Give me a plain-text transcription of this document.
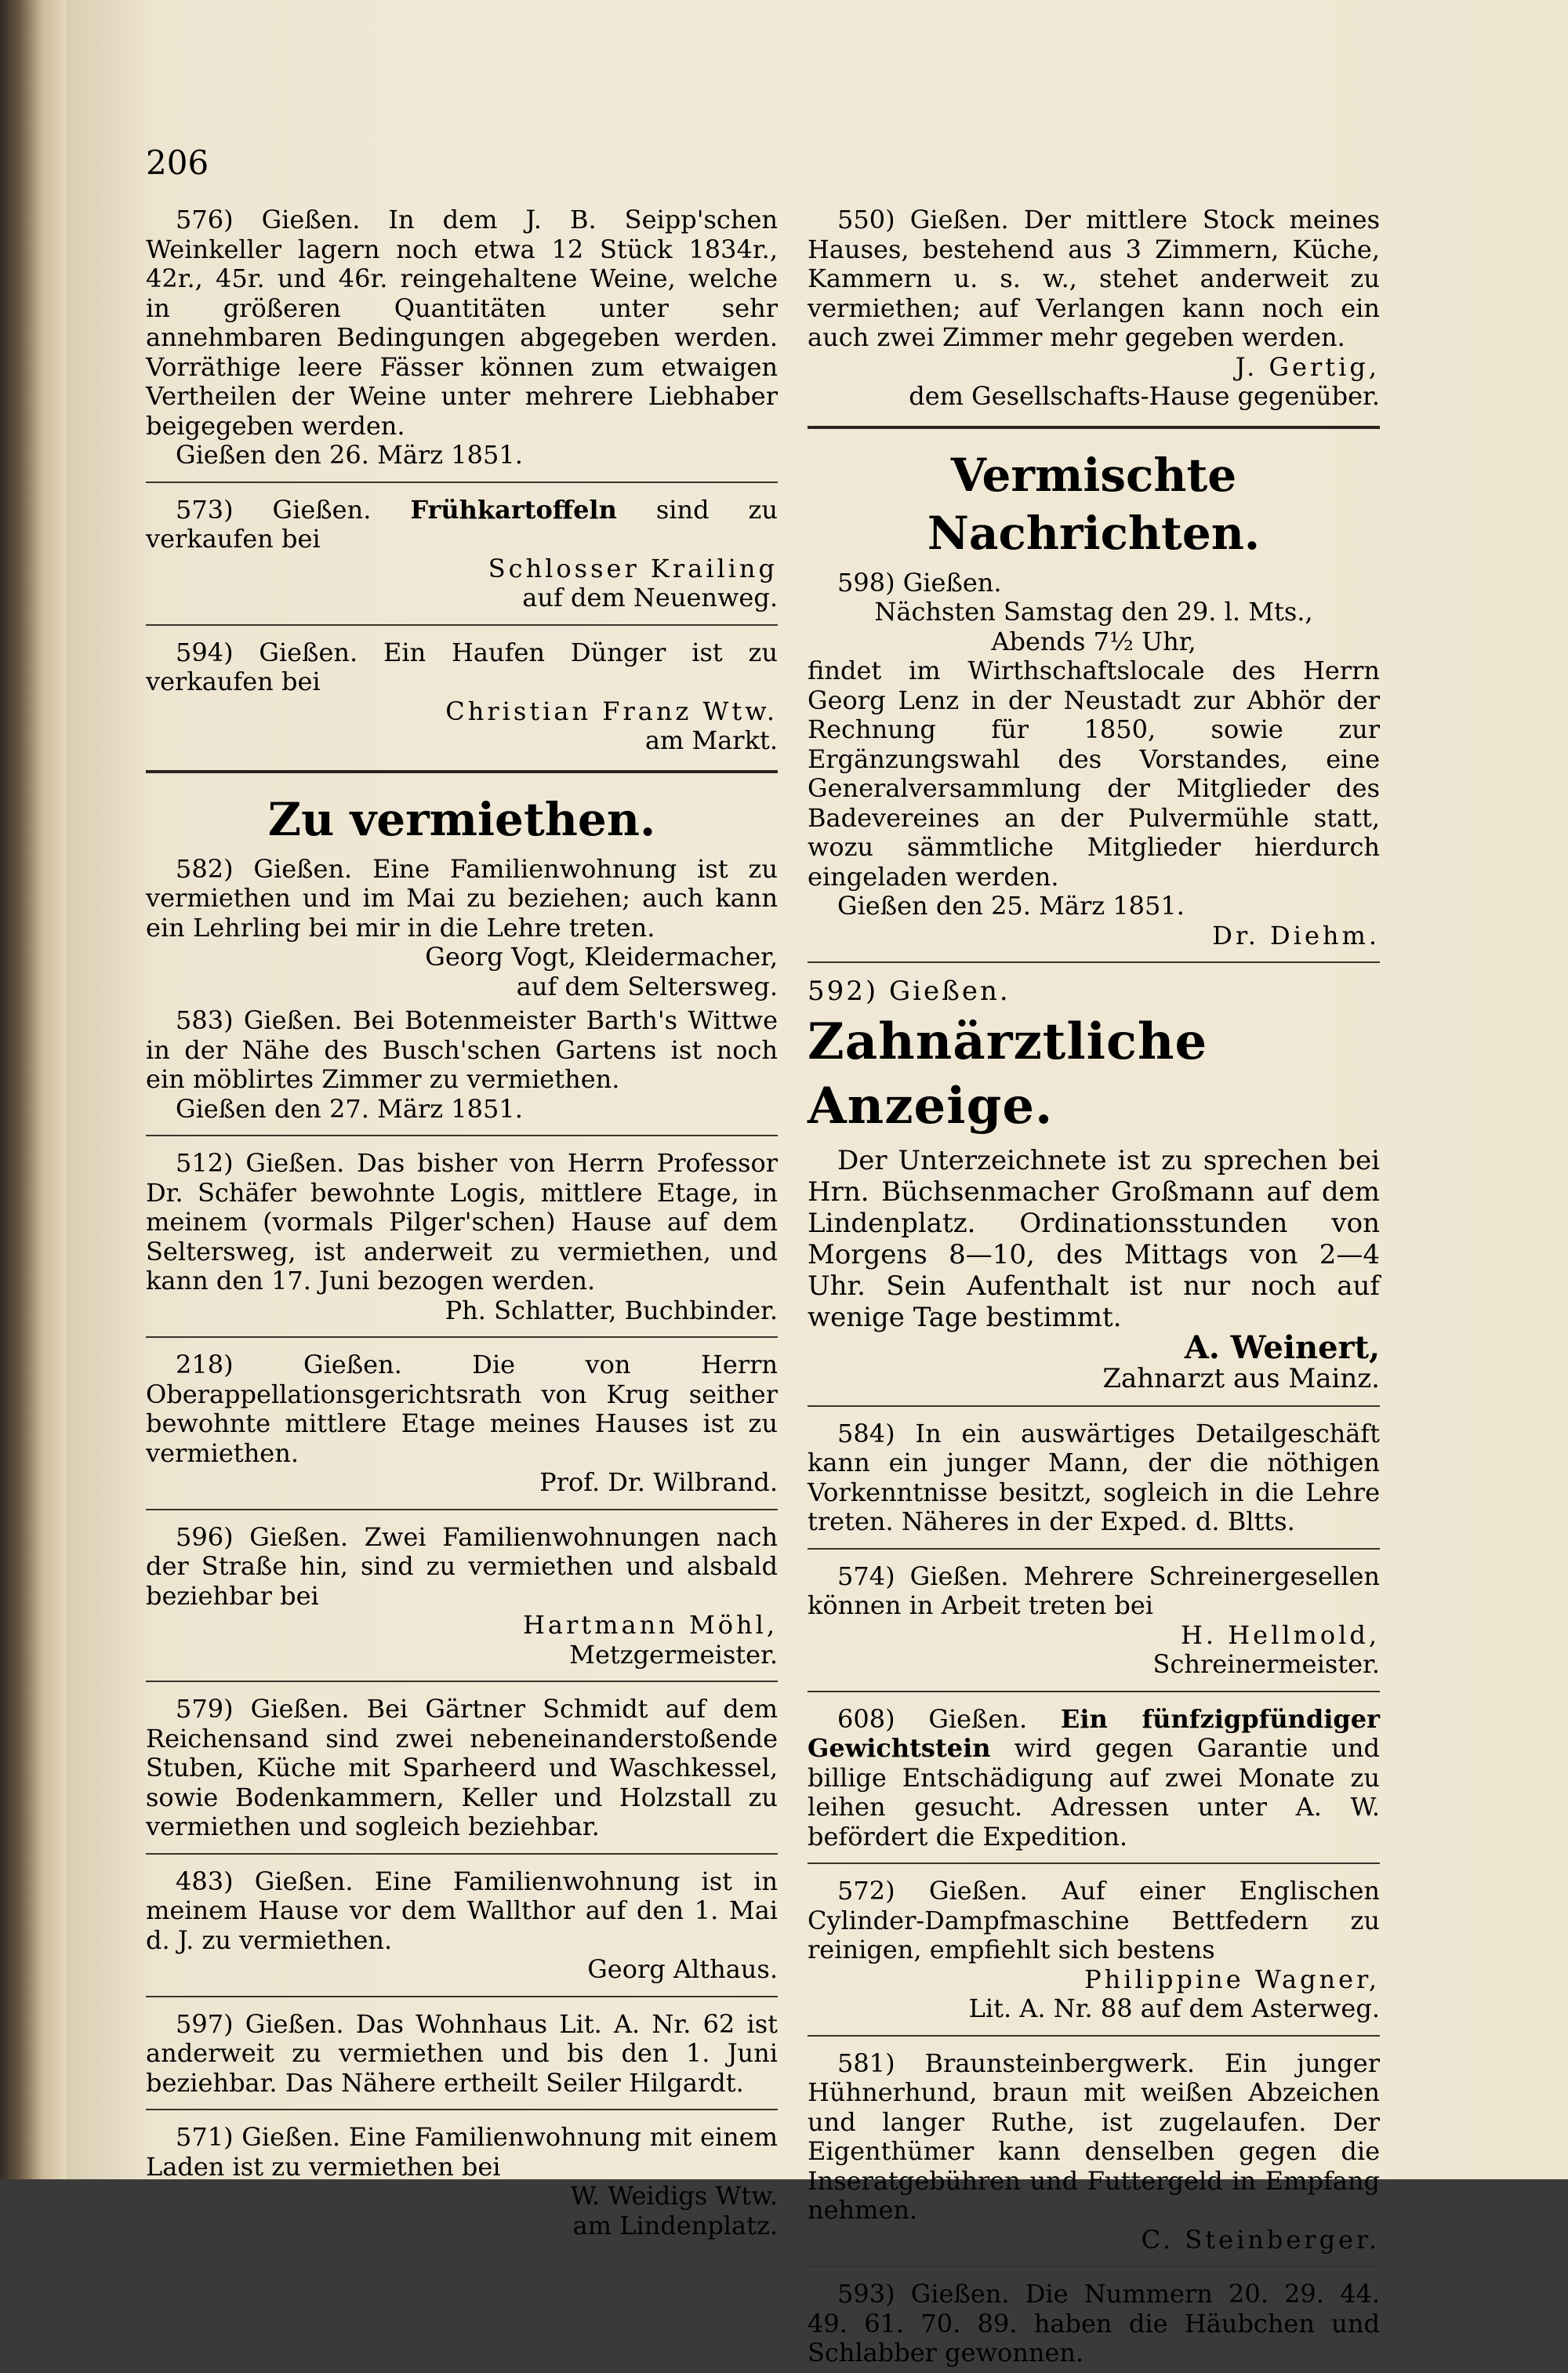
206

576) Gießen. In dem J. B. Seipp'schen Weinkeller lagern noch etwa 12 Stück 1834r., 42r., 45r. und 46r. reingehaltene Weine, welche in größeren Quantitäten unter sehr annehmbaren Bedingungen abgegeben werden. Vorräthige leere Fässer können zum etwaigen Vertheilen der Weine unter mehrere Liebhaber beigegeben werden.

Gießen den 26. März 1851.

573) Gießen. Frühkartoffeln sind zu verkaufen bei

Schlosser Krailing

auf dem Neuenweg.

594) Gießen. Ein Haufen Dünger ist zu verkaufen bei

Christian Franz Wtw.

am Markt.

Zu vermiethen.

582) Gießen. Eine Familienwohnung ist zu vermiethen und im Mai zu beziehen; auch kann ein Lehrling bei mir in die Lehre treten.

Georg Vogt, Kleidermacher,

auf dem Seltersweg.

583) Gießen. Bei Botenmeister Barth's Wittwe in der Nähe des Busch'schen Gartens ist noch ein möblirtes Zimmer zu vermiethen.

Gießen den 27. März 1851.

512) Gießen. Das bisher von Herrn Professor Dr. Schäfer bewohnte Logis, mittlere Etage, in meinem (vormals Pilger'schen) Hause auf dem Seltersweg, ist anderweit zu vermiethen, und kann den 17. Juni bezogen werden.

Ph. Schlatter, Buchbinder.

218) Gießen. Die von Herrn Oberappellationsgerichtsrath von Krug seither bewohnte mittlere Etage meines Hauses ist zu vermiethen.

Prof. Dr. Wilbrand.

596) Gießen. Zwei Familienwohnungen nach der Straße hin, sind zu vermiethen und alsbald beziehbar bei

Hartmann Möhl,

Metzgermeister.

579) Gießen. Bei Gärtner Schmidt auf dem Reichensand sind zwei nebeneinanderstoßende Stuben, Küche mit Sparheerd und Waschkessel, sowie Bodenkammern, Keller und Holzstall zu vermiethen und sogleich beziehbar.

483) Gießen. Eine Familienwohnung ist in meinem Hause vor dem Wallthor auf den 1. Mai d. J. zu vermiethen.

Georg Althaus.

597) Gießen. Das Wohnhaus Lit. A. Nr. 62 ist anderweit zu vermiethen und bis den 1. Juni beziehbar. Das Nähere ertheilt Seiler Hilgardt.

571) Gießen. Eine Familienwohnung mit einem Laden ist zu vermiethen bei

W. Weidigs Wtw.

am Lindenplatz.

550) Gießen. Der mittlere Stock meines Hauses, bestehend aus 3 Zimmern, Küche, Kammern u. s. w., stehet anderweit zu vermiethen; auf Verlangen kann noch ein auch zwei Zimmer mehr gegeben werden.

J. Gertig,

dem Gesellschafts-Hause gegenüber.

Vermischte Nachrichten.

598) Gießen.

Nächsten Samstag den 29. l. Mts.,

Abends 7½ Uhr,

findet im Wirthschaftslocale des Herrn Georg Lenz in der Neustadt zur Abhör der Rechnung für 1850, sowie zur Ergänzungswahl des Vorstandes, eine Generalversammlung der Mitglieder des Badevereines an der Pulvermühle statt, wozu sämmtliche Mitglieder hierdurch eingeladen werden.

Gießen den 25. März 1851.

Dr. Diehm.

592) Gießen.

Zahnärztliche Anzeige.

Der Unterzeichnete ist zu sprechen bei Hrn. Büchsenmacher Großmann auf dem Lindenplatz. Ordinationsstunden von Morgens 8—10, des Mittags von 2—4 Uhr. Sein Aufenthalt ist nur noch auf wenige Tage bestimmt.

A. Weinert,

Zahnarzt aus Mainz.

584) In ein auswärtiges Detailgeschäft kann ein junger Mann, der die nöthigen Vorkenntnisse besitzt, sogleich in die Lehre treten. Näheres in der Exped. d. Bltts.

574) Gießen. Mehrere Schreinergesellen können in Arbeit treten bei

H. Hellmold,

Schreinermeister.

608) Gießen. Ein fünfzigpfündiger Gewichtstein wird gegen Garantie und billige Entschädigung auf zwei Monate zu leihen gesucht. Adressen unter A. W. befördert die Expedition.

572) Gießen. Auf einer Englischen Cylinder-Dampfmaschine Bettfedern zu reinigen, empfiehlt sich bestens

Philippine Wagner,

Lit. A. Nr. 88 auf dem Asterweg.

581) Braunsteinbergwerk. Ein junger Hühnerhund, braun mit weißen Abzeichen und langer Ruthe, ist zugelaufen. Der Eigenthümer kann denselben gegen die Inseratgebühren und Futtergeld in Empfang nehmen.

C. Steinberger.

593) Gießen. Die Nummern 20. 29. 44. 49. 61. 70. 89. haben die Häubchen und Schlabber gewonnen.
